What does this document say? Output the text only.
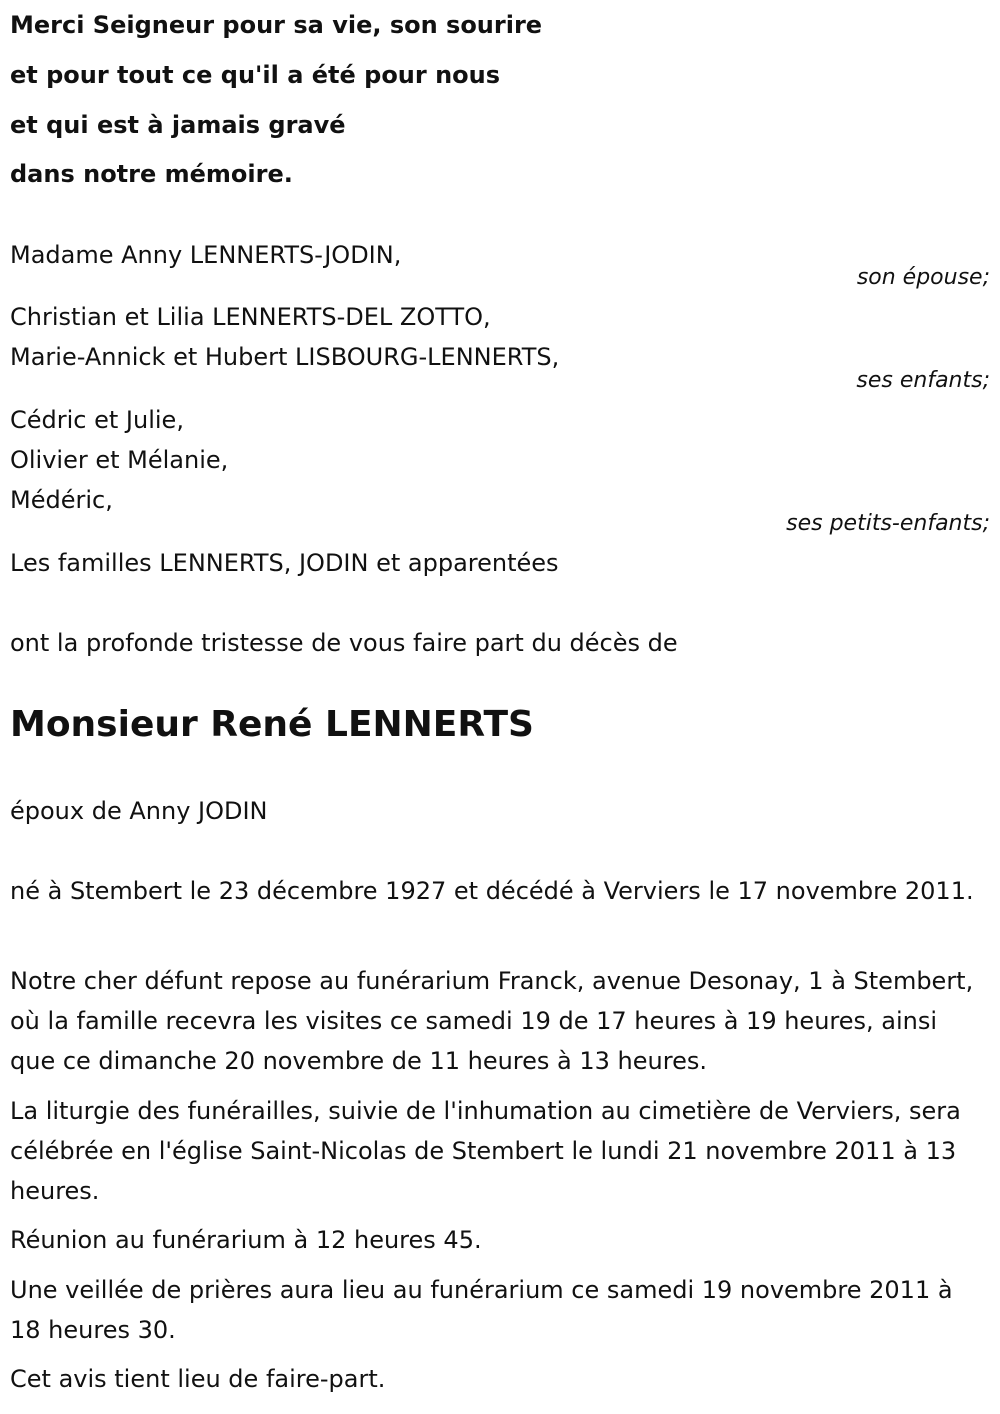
Merci Seigneur pour sa vie, son sourire
et pour tout ce qu'il a été pour nous
et qui est à jamais gravé
dans notre mémoire.
Madame Anny LENNERTS-JODIN,
son épouse;
Christian et Lilia LENNERTS-DEL ZOTTO,
Marie-Annick et Hubert LISBOURG-LENNERTS,
ses enfants;
Cédric et Julie,
Olivier et Mélanie,
Médéric,
ses petits-enfants;
Les familles LENNERTS, JODIN et apparentées
ont la profonde tristesse de vous faire part du décès de
Monsieur René LENNERTS
époux de Anny JODIN
né à Stembert le 23 décembre 1927 et décédé à Verviers le 17 novembre 2011.
Notre cher défunt repose au funérarium Franck, avenue Desonay, 1 à Stembert, où la famille recevra les visites ce samedi 19 de 17 heures à 19 heures, ainsi que ce dimanche 20 novembre de 11 heures à 13 heures.
La liturgie des funérailles, suivie de l'inhumation au cimetière de Verviers, sera célébrée en l'église Saint-Nicolas de Stembert le lundi 21 novembre 2011 à 13 heures.
Réunion au funérarium à 12 heures 45.
Une veillée de prières aura lieu au funérarium ce samedi 19 novembre 2011 à 18 heures 30.
Cet avis tient lieu de faire-part.
